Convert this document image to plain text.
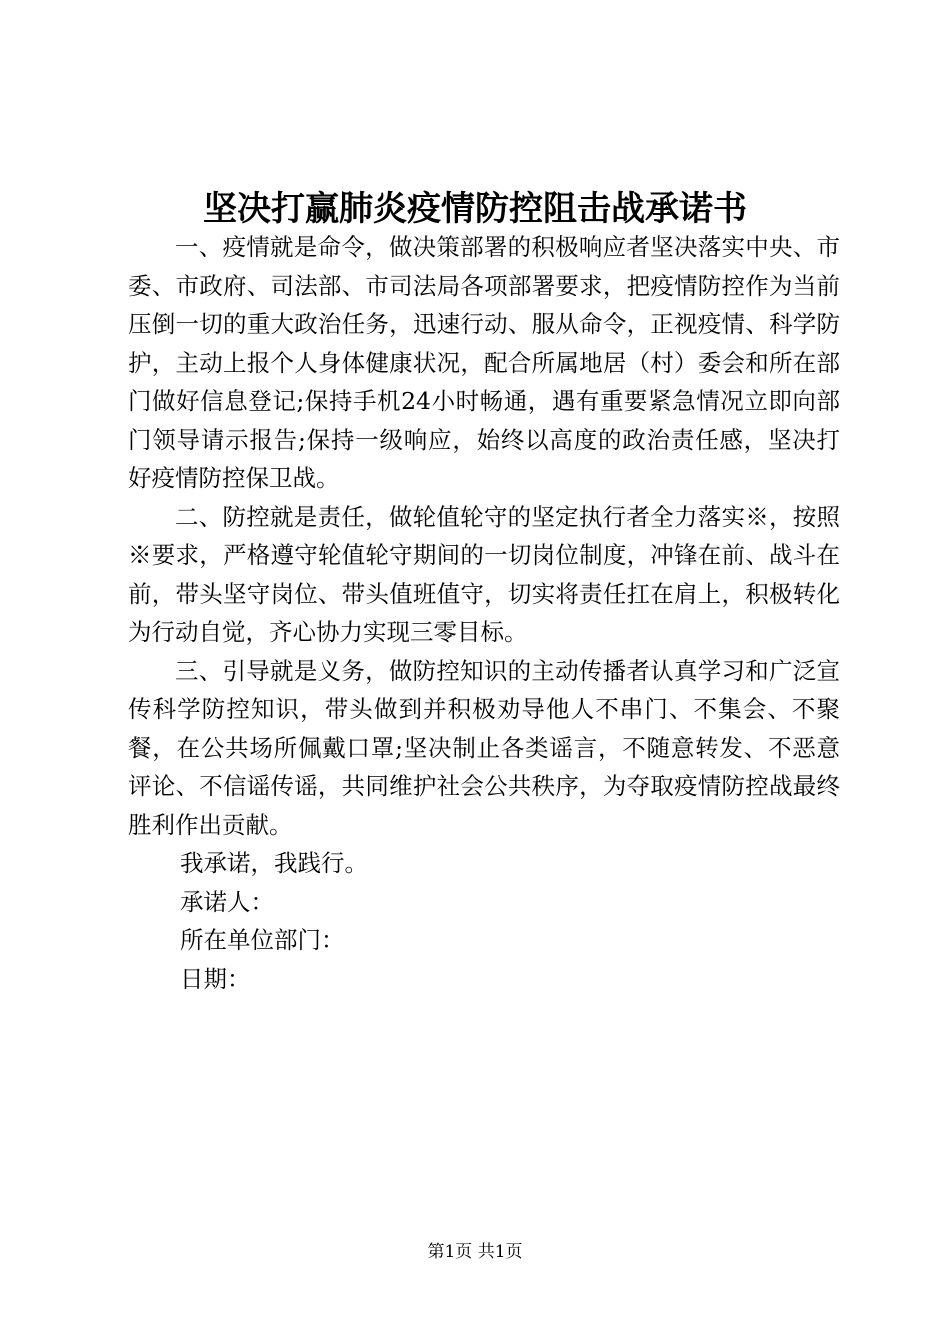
坚决打赢肺炎疫情防控阻击战承诺书

一、疫情就是命令，做决策部署的积极响应者坚决落实中央、市委、市政府、司法部、市司法局各项部署要求，把疫情防控作为当前压倒一切的重大政治任务，迅速行动、服从命令，正视疫情、科学防护，主动上报个人身体健康状况，配合所属地居（村）委会和所在部门做好信息登记;保持手机24小时畅通，遇有重要紧急情况立即向部门领导请示报告;保持一级响应，始终以高度的政治责任感，坚决打好疫情防控保卫战。

二、防控就是责任，做轮值轮守的坚定执行者全力落实※，按照※要求，严格遵守轮值轮守期间的一切岗位制度，冲锋在前、战斗在前，带头坚守岗位、带头值班值守，切实将责任扛在肩上，积极转化为行动自觉，齐心协力实现三零目标。

三、引导就是义务，做防控知识的主动传播者认真学习和广泛宣传科学防控知识，带头做到并积极劝导他人不串门、不集会、不聚餐，在公共场所佩戴口罩;坚决制止各类谣言，不随意转发、不恶意评论、不信谣传谣，共同维护社会公共秩序，为夺取疫情防控战最终胜利作出贡献。

我承诺，我践行。

承诺人：

所在单位部门：

日期：

第1页 共1页
